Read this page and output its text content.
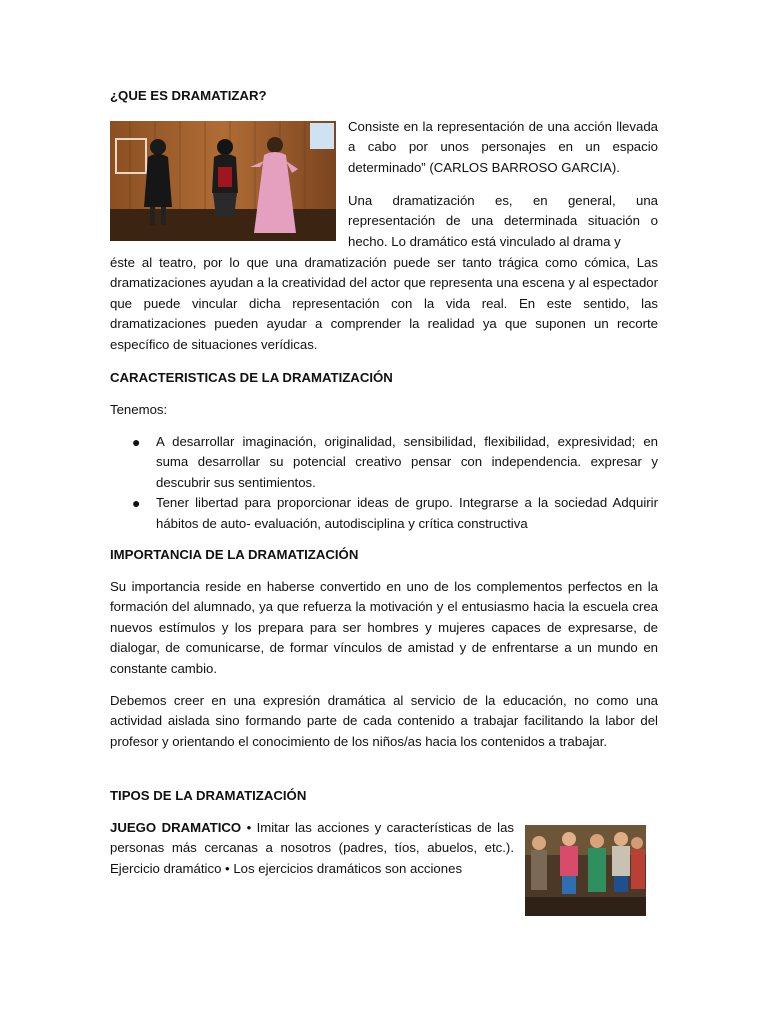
¿QUE ES DRAMATIZAR?
Consiste en la representación de una acción llevada a cabo por unos personajes en un espacio determinado” (CARLOS BARROSO GARCIA).
Una dramatización es, en general, una representación de una determinada situación o hecho. Lo dramático está vinculado al drama y
éste al teatro, por lo que una dramatización puede ser tanto trágica como cómica, Las dramatizaciones ayudan a la creatividad del actor que representa una escena y al espectador que puede vincular dicha representación con la vida real. En este sentido, las dramatizaciones pueden ayudar a comprender la realidad ya que suponen un recorte específico de situaciones verídicas.
CARACTERISTICAS DE LA DRAMATIZACIÓN
Tenemos:
● A desarrollar imaginación, originalidad, sensibilidad, flexibilidad, expresividad; en suma desarrollar su potencial creativo pensar con independencia. expresar y descubrir sus sentimientos.
● Tener libertad para proporcionar ideas de grupo. Integrarse a la sociedad Adquirir hábitos de auto- evaluación, autodisciplina y crítica constructiva
IMPORTANCIA DE LA DRAMATIZACIÓN
Su importancia reside en haberse convertido en uno de los complementos perfectos en la formación del alumnado, ya que refuerza la motivación y el entusiasmo hacia la escuela crea nuevos estímulos y los prepara para ser hombres y mujeres capaces de expresarse, de dialogar, de comunicarse, de formar vínculos de amistad y de enfrentarse a un mundo en constante cambio.
Debemos creer en una expresión dramática al servicio de la educación, no como una actividad aislada sino formando parte de cada contenido a trabajar facilitando la labor del profesor y orientando el conocimiento de los niños/as hacia los contenidos a trabajar.
TIPOS DE LA DRAMATIZACIÓN
JUEGO DRAMATICO • Imitar las acciones y características de las personas más cercanas a nosotros (padres, tíos, abuelos, etc.). Ejercicio dramático • Los ejercicios dramáticos son acciones
